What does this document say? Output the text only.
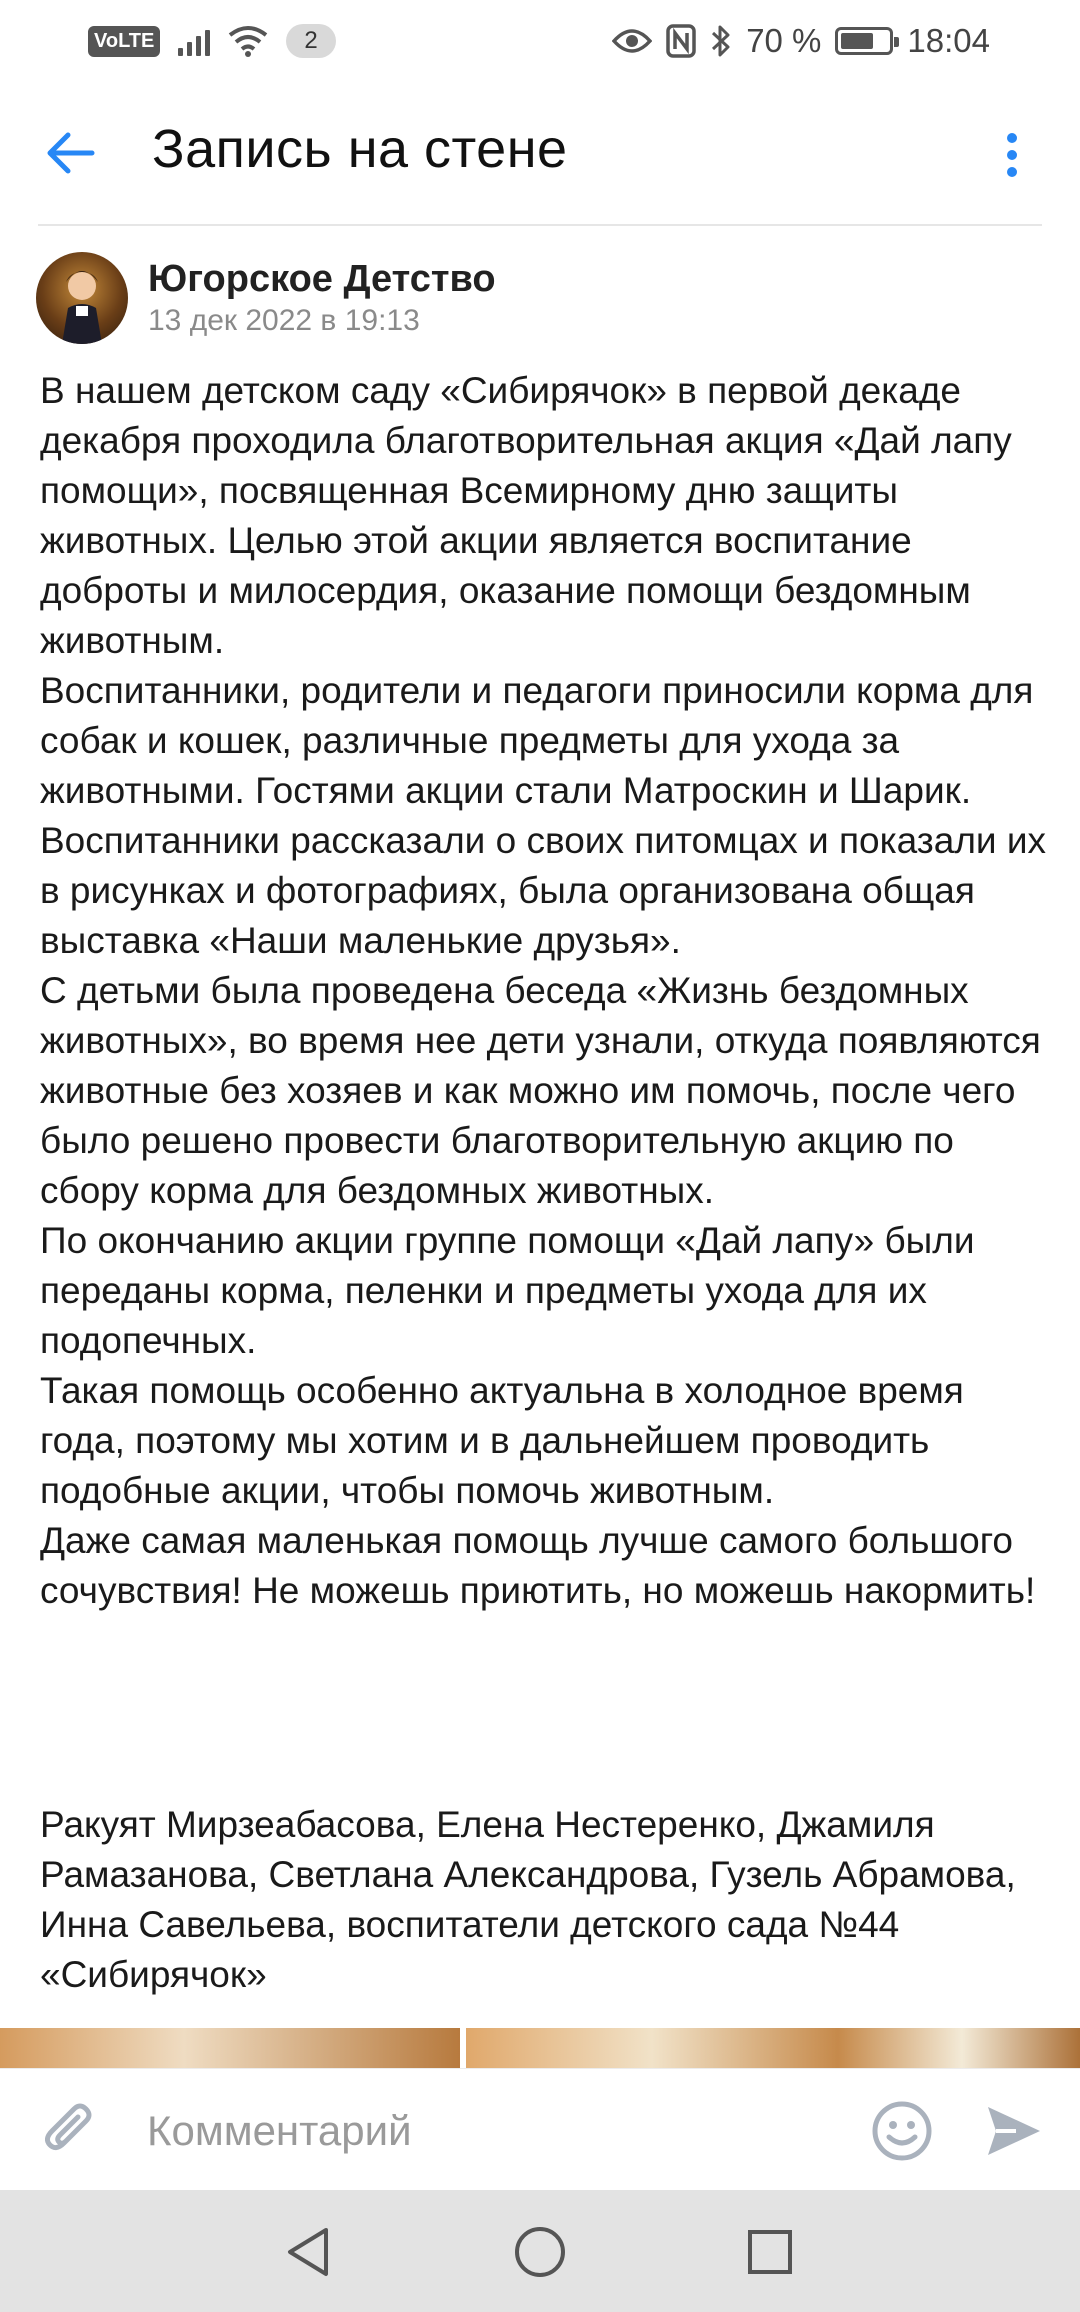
VoLTE	2	70 %	18:04
Запись на стене
Югорское Детство
13 дек 2022 в 19:13
В нашем детском саду «Сибирячок» в первой декаде декабря проходила благотворительная акция «Дай лапу помощи», посвященная Всемирному дню защиты животных. Целью этой акции является воспитание доброты и милосердия, оказание помощи бездомным животным.
Воспитанники, родители и педагоги приносили корма для собак и кошек, различные предметы для ухода за животными. Гостями акции стали Матроскин и Шарик.
Воспитанники рассказали о своих питомцах и показали их в рисунках и фотографиях, была организована общая выставка «Наши маленькие друзья».
С детьми была проведена беседа «Жизнь бездомных животных», во время нее дети узнали, откуда появляются животные без хозяев и как можно им помочь, после чего было решено провести благотворительную акцию по сбору корма для бездомных животных.
По окончанию акции группе помощи «Дай лапу» были переданы корма, пеленки и предметы ухода для их подопечных.
Такая помощь особенно актуальна в холодное время года, поэтому мы хотим и в дальнейшем проводить подобные акции, чтобы помочь животным.
Даже самая маленькая помощь лучше самого большого сочувствия! Не можешь приютить, но можешь накормить!
Ракуят Мирзеабасова, Елена Нестеренко, Джамиля Рамазанова, Светлана Александрова, Гузель Абрамова, Инна Савельева, воспитатели детского сада №44 «Сибирячок»
Комментарий
